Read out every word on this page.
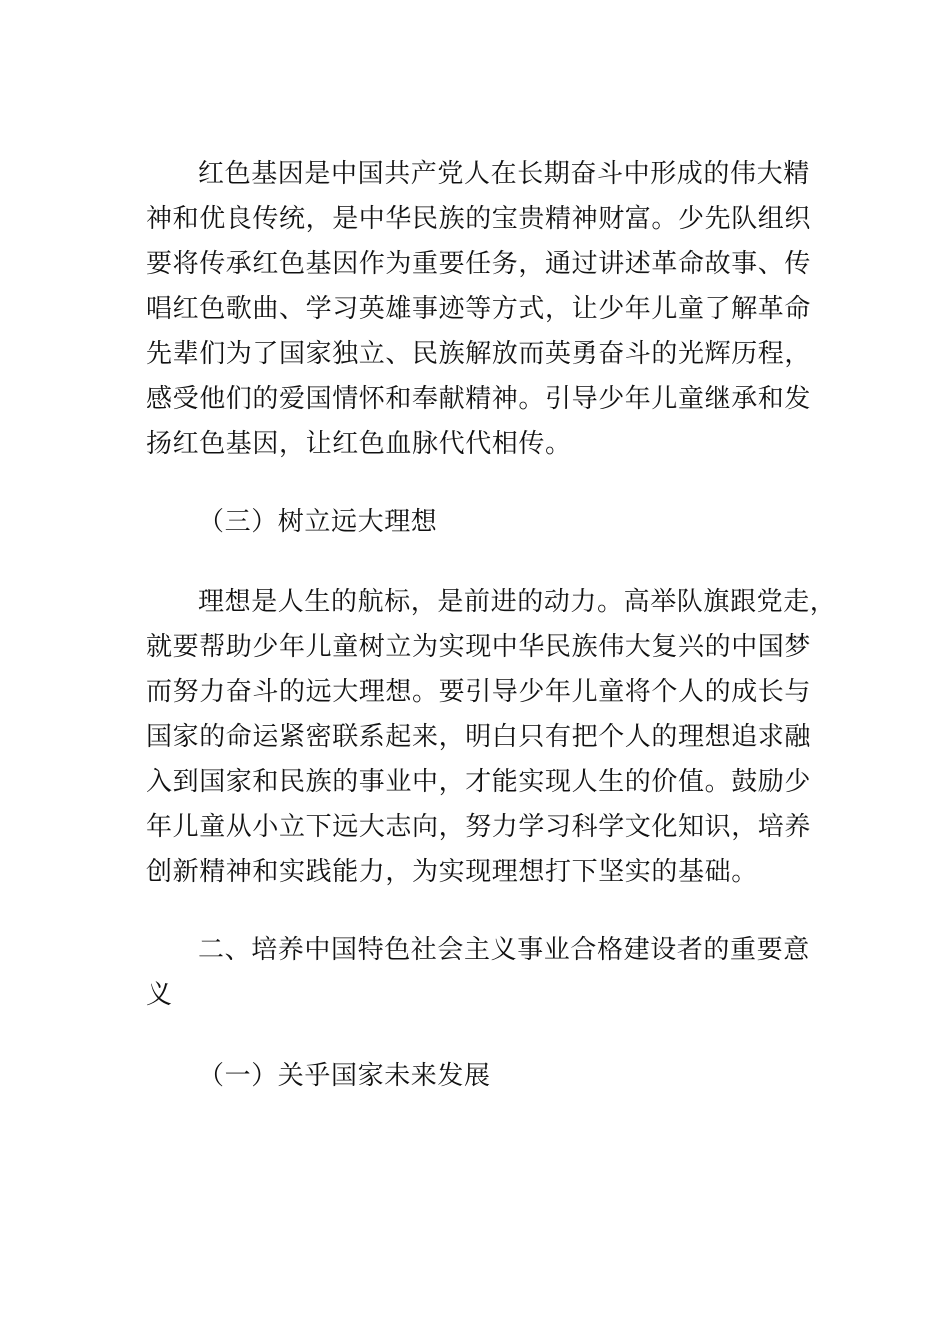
红色基因是中国共产党人在长期奋斗中形成的伟大精
神和优良传统，是中华民族的宝贵精神财富。少先队组织
要将传承红色基因作为重要任务，通过讲述革命故事、传
唱红色歌曲、学习英雄事迹等方式，让少年儿童了解革命
先辈们为了国家独立、民族解放而英勇奋斗的光辉历程，
感受他们的爱国情怀和奉献精神。引导少年儿童继承和发
扬红色基因，让红色血脉代代相传。
（三）树立远大理想
理想是人生的航标，是前进的动力。高举队旗跟党走，
就要帮助少年儿童树立为实现中华民族伟大复兴的中国梦
而努力奋斗的远大理想。要引导少年儿童将个人的成长与
国家的命运紧密联系起来，明白只有把个人的理想追求融
入到国家和民族的事业中，才能实现人生的价值。鼓励少
年儿童从小立下远大志向，努力学习科学文化知识，培养
创新精神和实践能力，为实现理想打下坚实的基础。
二、培养中国特色社会主义事业合格建设者的重要意
义
（一）关乎国家未来发展
